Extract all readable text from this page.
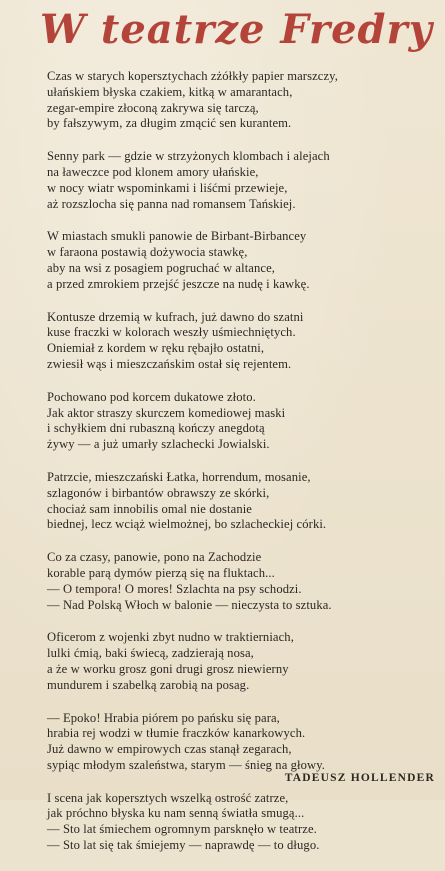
W teatrze Fredry
Czas w starych kopersztychach zżółkły papier marszczy,
ułańskiem błyska czakiem, kitką w amarantach,
zegar-empire złoconą zakrywa się tarczą,
by fałszywym, za długim zmącić sen kurantem.
Senny park — gdzie w strzyżonych klombach i alejach
na ławeczce pod klonem amory ułańskie,
w nocy wiatr wspominkami i liśćmi przewieje,
aż rozszlocha się panna nad romansem Tańskiej.
W miastach smukli panowie de Birbant-Birbancey
w faraona postawią dożywocia stawkę,
aby na wsi z posagiem pogruchać w altance,
a przed zmrokiem przejść jeszcze na nudę i kawkę.
Kontusze drzemią w kufrach, już dawno do szatni
kuse fraczki w kolorach weszły uśmiechniętych.
Oniemiał z kordem w ręku rębajło ostatni,
zwiesił wąs i mieszczańskim ostał się rejentem.
Pochowano pod korcem dukatowe złoto.
Jak aktor straszy skurczem komediowej maski
i schyłkiem dni rubaszną kończy anegdotą
żywy — a już umarły szlachecki Jowialski.
Patrzcie, mieszczański Łatka, horrendum, mosanie,
szlagonów i birbantów obrawszy ze skórki,
chociaż sam innobilis omal nie dostanie
biednej, lecz wciąż wielmożnej, bo szlacheckiej córki.
Co za czasy, panowie, pono na Zachodzie
korable parą dymów pierzą się na fluktach...
— O tempora! O mores! Szlachta na psy schodzi.
— Nad Polską Włoch w balonie — nieczysta to sztuka.
Oficerom z wojenki zbyt nudno w traktierniach,
lulki ćmią, baki świecą, zadzierają nosa,
a że w worku grosz goni drugi grosz niewierny
mundurem i szabelką zarobią na posag.
— Epoko! Hrabia piórem po pańsku się para,
hrabia rej wodzi w tłumie fraczków kanarkowych.
Już dawno w empirowych czas stanął zegarach,
sypiąc młodym szaleństwa, starym — śnieg na głowy.
I scena jak kopersztych wszelką ostrość zatrze,
jak próchno błyska ku nam senną światła smugą...
— Sto lat śmiechem ogromnym parsknęło w teatrze.
— Sto lat się tak śmiejemy — naprawdę — to długo.

TADEUSZ HOLLENDER
